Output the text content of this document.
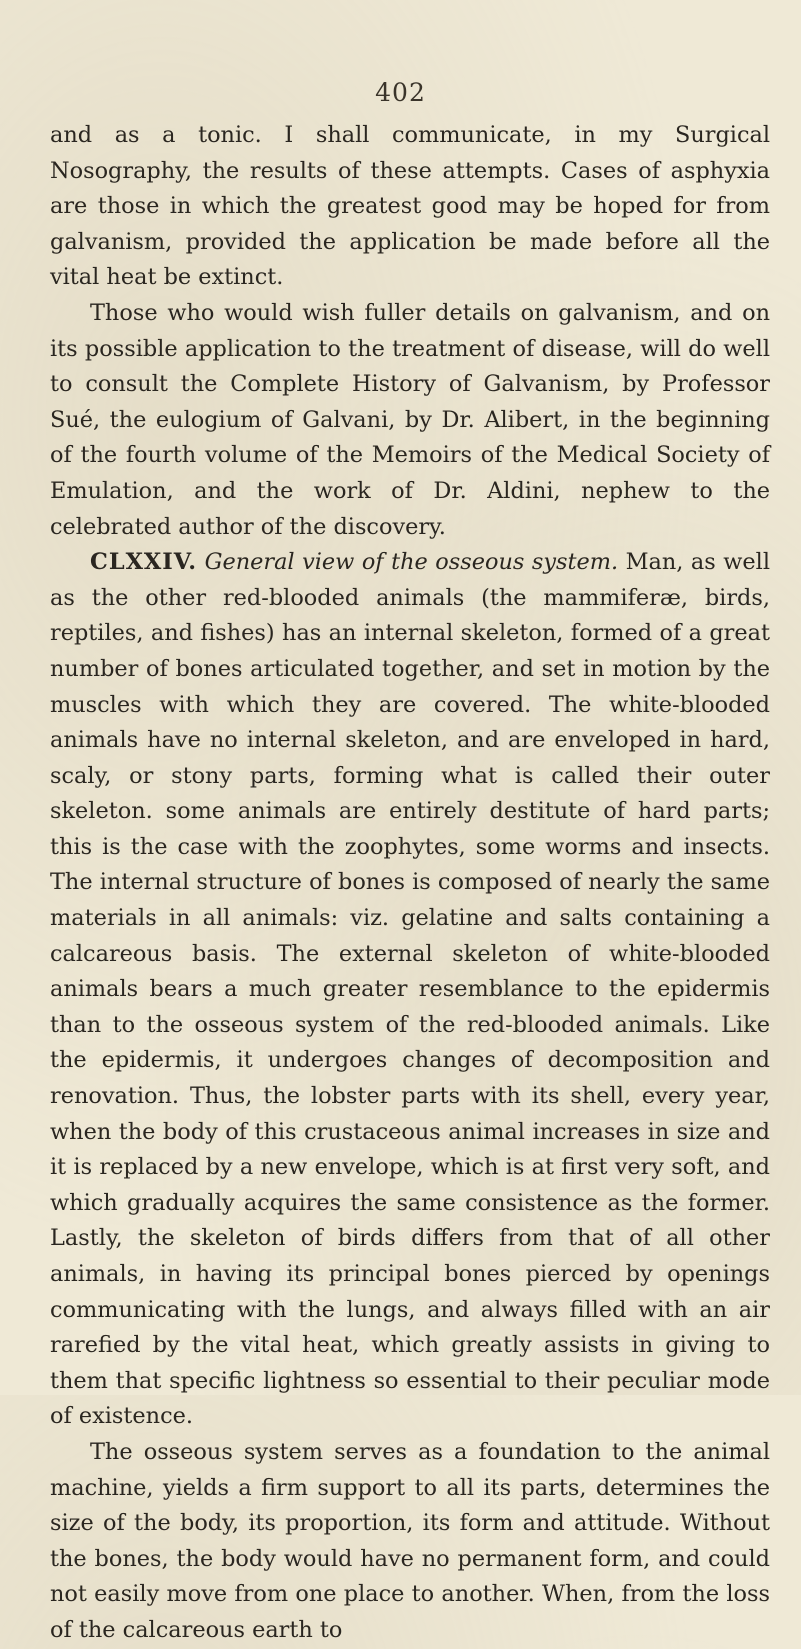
402

and as a tonic. I shall communicate, in my Surgical Nosography, the results of these attempts. Cases of asphyxia are those in which the greatest good may be hoped for from galvanism, provided the application be made before all the vital heat be extinct.

Those who would wish fuller details on galvanism, and on its possible application to the treatment of disease, will do well to consult the Complete History of Galvanism, by Professor Sué, the eulogium of Galvani, by Dr. Alibert, in the beginning of the fourth volume of the Memoirs of the Medical Society of Emulation, and the work of Dr. Aldini, nephew to the celebrated author of the discovery.

CLXXIV. General view of the osseous system. Man, as well as the other red-blooded animals (the mammiferæ, birds, reptiles, and fishes) has an internal skeleton, formed of a great number of bones articulated together, and set in motion by the muscles with which they are covered. The white-blooded animals have no internal skeleton, and are enveloped in hard, scaly, or stony parts, forming what is called their outer skeleton. some animals are entirely destitute of hard parts; this is the case with the zoophytes, some worms and insects. The internal structure of bones is composed of nearly the same materials in all animals: viz. gelatine and salts containing a calcareous basis. The external skeleton of white-blooded animals bears a much greater resemblance to the epidermis than to the osseous system of the red-blooded animals. Like the epidermis, it undergoes changes of decomposition and renovation. Thus, the lobster parts with its shell, every year, when the body of this crustaceous animal increases in size and it is replaced by a new envelope, which is at first very soft, and which gradually acquires the same consistence as the former. Lastly, the skeleton of birds differs from that of all other animals, in having its principal bones pierced by openings communicating with the lungs, and always filled with an air rarefied by the vital heat, which greatly assists in giving to them that specific lightness so essential to their peculiar mode of existence.

The osseous system serves as a foundation to the animal machine, yields a firm support to all its parts, determines the size of the body, its proportion, its form and attitude. Without the bones, the body would have no permanent form, and could not easily move from one place to another. When, from the loss of the calcareous earth to
